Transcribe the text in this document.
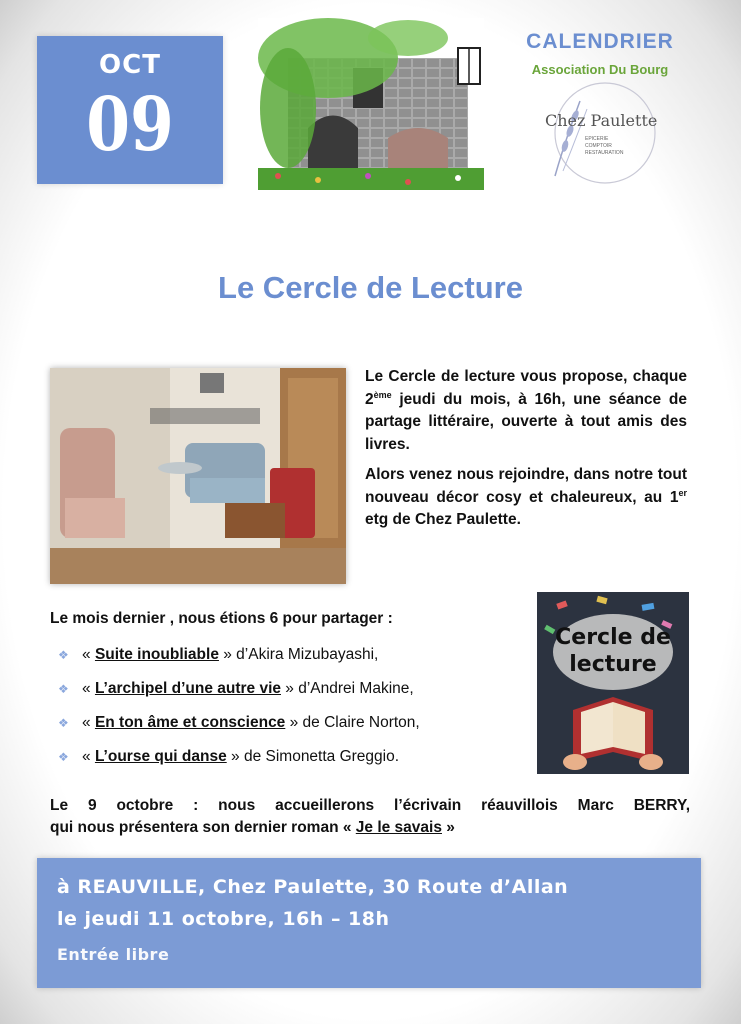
OCT
09
CALENDRIER
Association Du Bourg
Chez Paulette
EPICERIE
COMPTOIR
RESTAURATION
Le Cercle de Lecture

Le Cercle de lecture vous propose, chaque 2ème jeudi du mois, à 16h, une séance de partage littéraire, ouverte à tout amis des livres.

Alors venez nous rejoindre, dans notre tout nouveau décor cosy et chaleureux, au 1er etg de Chez Paulette.

Le mois dernier , nous étions 6 pour partager :
❖ « Suite inoubliable » d’Akira Mizubayashi,
❖ « L’archipel d’une autre vie » d’Andrei Makine,
❖ « En ton âme et conscience » de Claire Norton,
❖ « L’ourse qui danse » de Simonetta Greggio.
Cercle de
lecture
Le 9 octobre : nous accueillerons l’écrivain réauvillois Marc BERRY,
qui nous présentera son dernier roman « Je le savais »
à REAUVILLE, Chez Paulette, 30 Route d’Allan
le jeudi 11 octobre, 16h – 18h
Entrée libre
